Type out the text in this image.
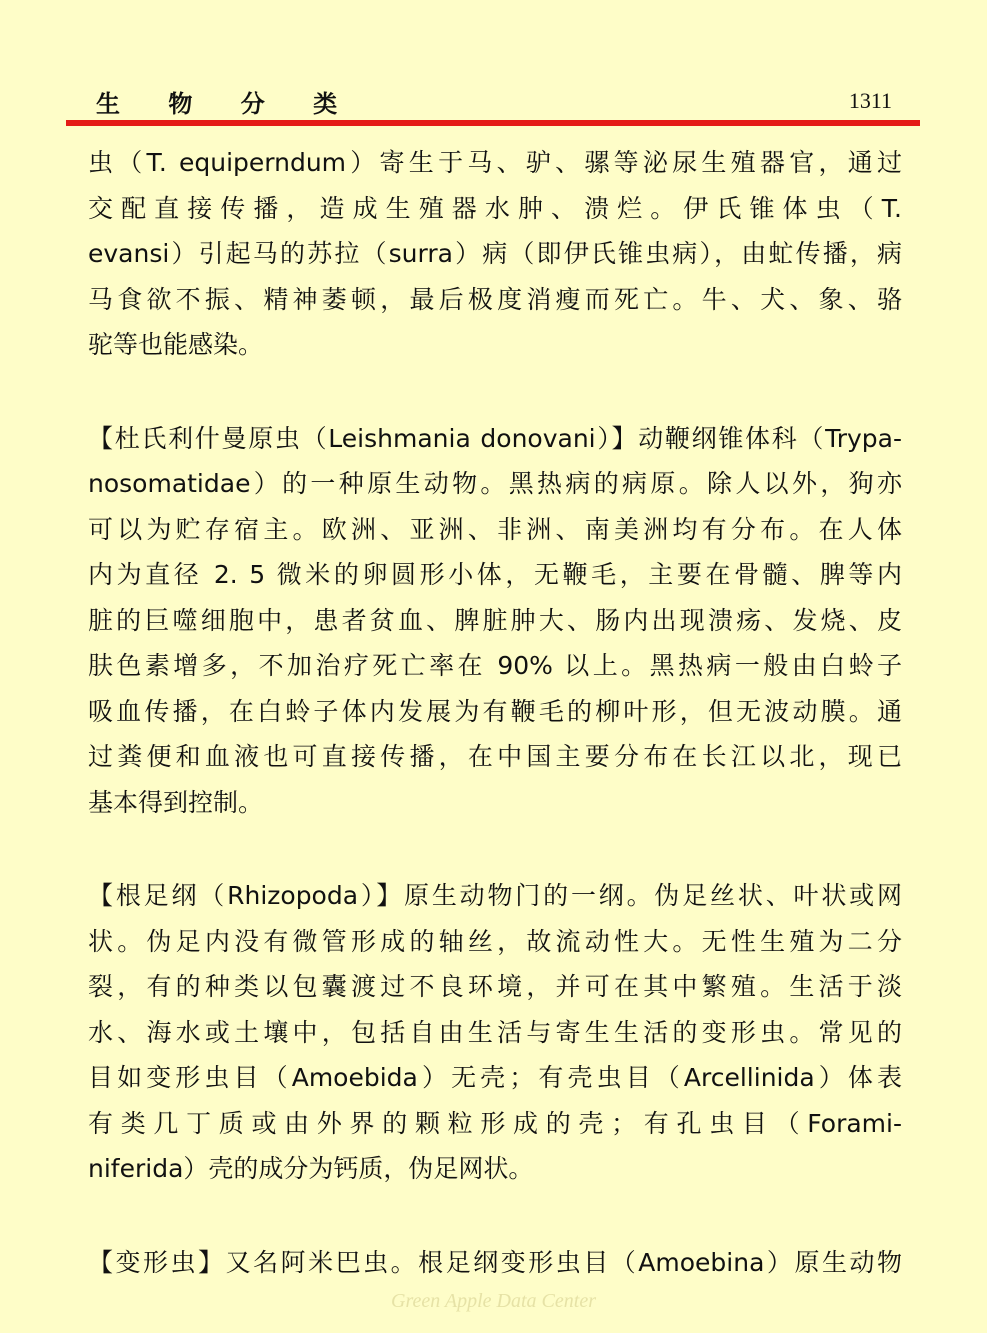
生 物 分 类	1311
虫（T. equiperndum）寄生于马、驴、骡等泌尿生殖器官，通过
交配直接传播，造成生殖器水肿、溃烂。伊氏锥体虫（T.
evansi）引起马的苏拉（surra）病（即伊氏锥虫病），由虻传播，病
马食欲不振、精神萎顿，最后极度消瘦而死亡。牛、犬、象、骆
驼等也能感染。
【杜氏利什曼原虫（Leishmania donovani）】动鞭纲锥体科（Trypa-
nosomatidae）的一种原生动物。黑热病的病原。除人以外，狗亦
可以为贮存宿主。欧洲、亚洲、非洲、南美洲均有分布。在人体
内为直径 2. 5 微米的卵圆形小体，无鞭毛，主要在骨髓、脾等内
脏的巨噬细胞中，患者贫血、脾脏肿大、肠内出现溃疡、发烧、皮
肤色素增多，不加治疗死亡率在 90% 以上。黑热病一般由白蛉子
吸血传播，在白蛉子体内发展为有鞭毛的柳叶形，但无波动膜。通
过粪便和血液也可直接传播，在中国主要分布在长江以北，现已
基本得到控制。
【根足纲（Rhizopoda）】原生动物门的一纲。伪足丝状、叶状或网
状。伪足内没有微管形成的轴丝，故流动性大。无性生殖为二分
裂，有的种类以包囊渡过不良环境，并可在其中繁殖。生活于淡
水、海水或土壤中，包括自由生活与寄生生活的变形虫。常见的
目如变形虫目（Amoebida）无壳；有壳虫目（Arcellinida）体表
有类几丁质或由外界的颗粒形成的壳；有孔虫目（Forami-
niferida）壳的成分为钙质，伪足网状。
【变形虫】又名阿米巴虫。根足纲变形虫目（Amoebina）原生动物
Green Apple Data Center
